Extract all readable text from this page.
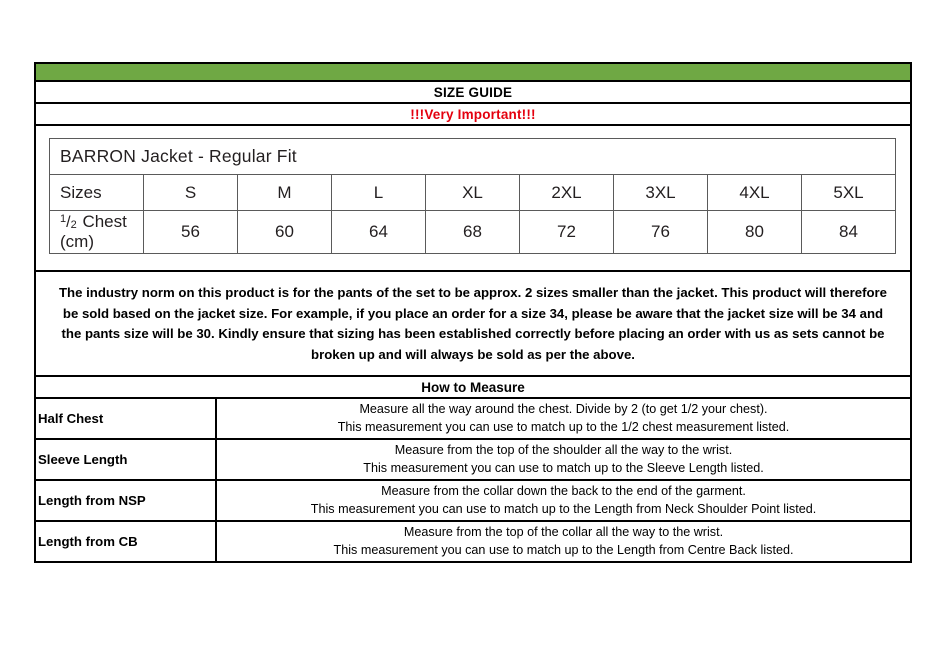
SIZE GUIDE
!!!Very Important!!!
BARRON Jacket - Regular Fit								
Sizes	S	M	L	XL	2XL	3XL	4XL	5XL
$^1/_2$ Chest (cm)	56	60	64	68	72	76	80	84
The industry norm on this product is for the pants of the set to be approx. 2 sizes smaller than the jacket. This product will therefore be sold based on the jacket size. For example, if you place an order for a size 34, please be aware that the jacket size will be 34 and the pants size will be 30. Kindly ensure that sizing has been established correctly before placing an order with us as sets cannot be broken up and will always be sold as per the above.
How to Measure
Half Chest	Measure all the way around the chest. Divide by 2 (to get 1/2 your chest).
This measurement you can use to match up to the 1/2 chest measurement listed.

Sleeve Length	Measure from the top of the shoulder all the way to the wrist.
This measurement you can use to match up to the Sleeve Length listed.

Length from NSP	Measure from the collar down the back to the end of the garment.
This measurement you can use to match up to the Length from Neck Shoulder Point listed.

Length from CB	Measure from the top of the collar all the way to the wrist.
This measurement you can use to match up to the Length from Centre Back listed.
